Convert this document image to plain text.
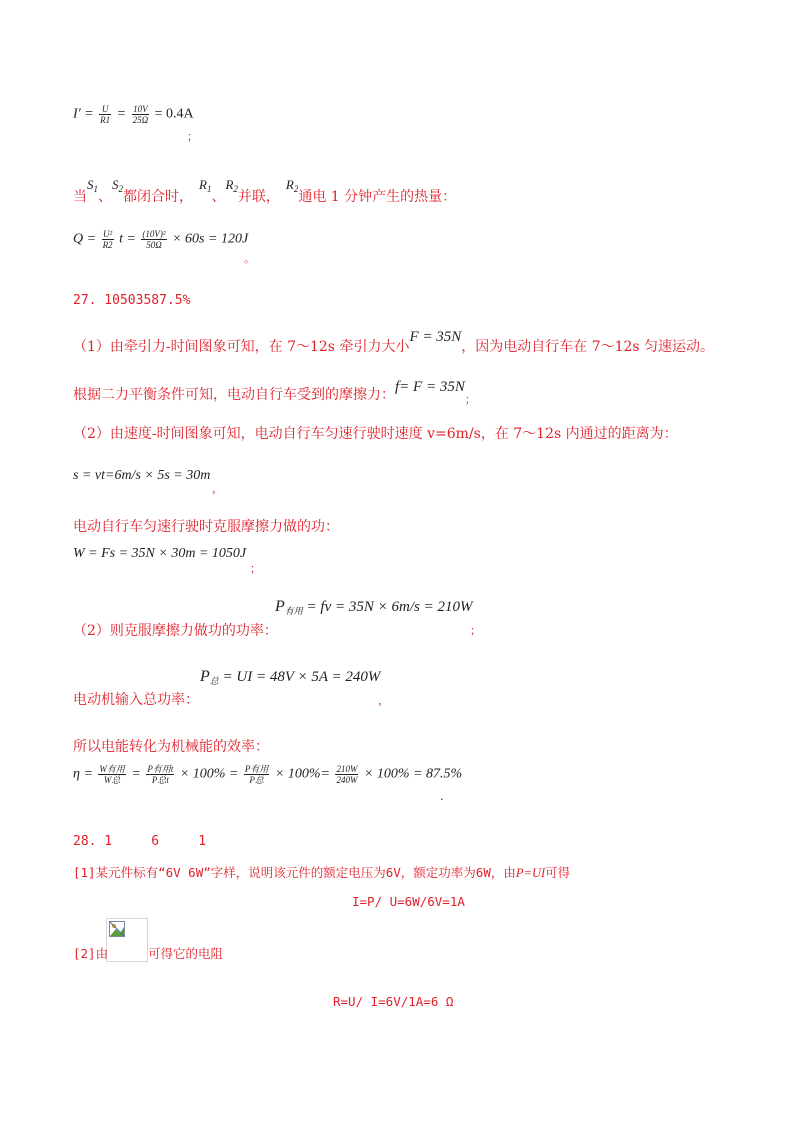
$I' = \frac{U}{R1} = \frac{10V}{25\Omega} = 0.4A$
；
当$S_1$、$S_2$都闭合时，$R_1$、$R_2$并联，$R_2$通电 1 分钟产生的热量：
$Q = \frac{\text{U²}}{R2}$ $t = \frac{\text{(10V)²}}{50\Omega} \times 60s = 120J$
。
27. 10503587.5%
（1）由牵引力-时间图象可知，在 7～12s 牵引力大小F = 35N，因为电动自行车在 7～12s 匀速运动。
根据二力平衡条件可知，电动自行车受到的摩擦力：$f= F = 35N_;$
（2）由速度-时间图象可知，电动自行车匀速行驶时速度 v=6m/s，在 7～12s 内通过的距离为：
s = vt=6m/s × 5s = 30m
，
电动自行车匀速行驶时克服摩擦力做的功：
W = Fs = 35N × 30m = 1050J
；
$P_{有用}$ = fv = 35N × 6m/s = 210W
（2）则克服摩擦力做功的功率：	；
$P_总$ = UI = 48V × 5A = 240W
电动机输入总功率：	，
所以电能转化为机械能的效率：
$\eta = \frac{\text{W有用}}{\text{W总}} = \frac{\text{P有用t}}{\text{P总t}} \times 100\% = \frac{\text{P有用}}{\text{P总}} \times 100\%= \frac{210W}{240W} \times 100\% = 87.5\%$
.
28. 1     6     1
[1]某元件标有“6V 6W”字样，说明该元件的额定电压为6V，额定功率为6W，由P=UI可得
I=P/ U=6W/6V=1A
[2]由	可得它的电阻
R=U/ I=6V/1A=6 Ω
